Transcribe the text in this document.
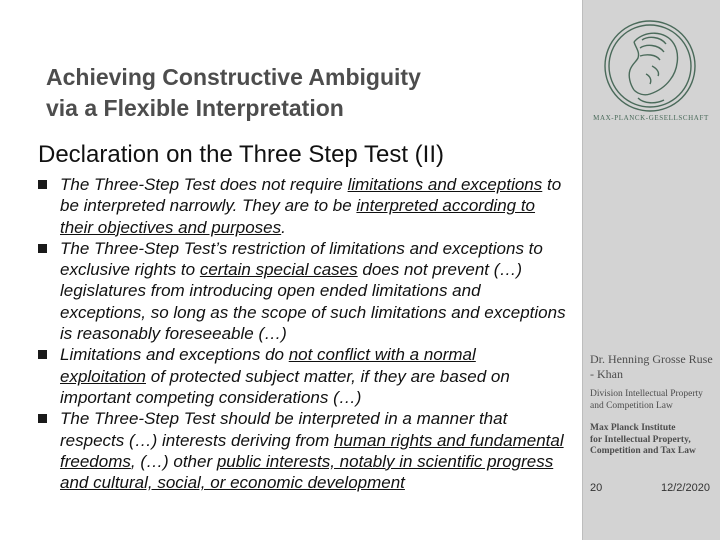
Achieving Constructive Ambiguity
via a Flexible Interpretation
Declaration on the Three Step Test (II)
The Three-Step Test does not require limitations and exceptions to be interpreted narrowly. They are to be interpreted according to their objectives and purposes.
The Three-Step Test’s restriction of limitations and exceptions to exclusive rights to certain special cases does not prevent (…) legislatures from introducing open ended limitations and exceptions, so long as the scope of such limitations and exceptions is reasonably foreseeable (…)
Limitations and exceptions do not conflict with a normal exploitation of protected subject matter, if they are based on important competing considerations (…)
The Three-Step Test should be interpreted in a manner that respects (…) interests deriving from human rights and fundamental freedoms, (…) other public interests, notably in scientific progress and cultural, social, or economic development
MAX-PLANCK-GESELLSCHAFT
Dr. Henning Grosse Ruse
- Khan
Division Intellectual Property
and Competition Law
Max Planck Institute
for Intellectual Property,
Competition and Tax Law
20	12/2/2020
